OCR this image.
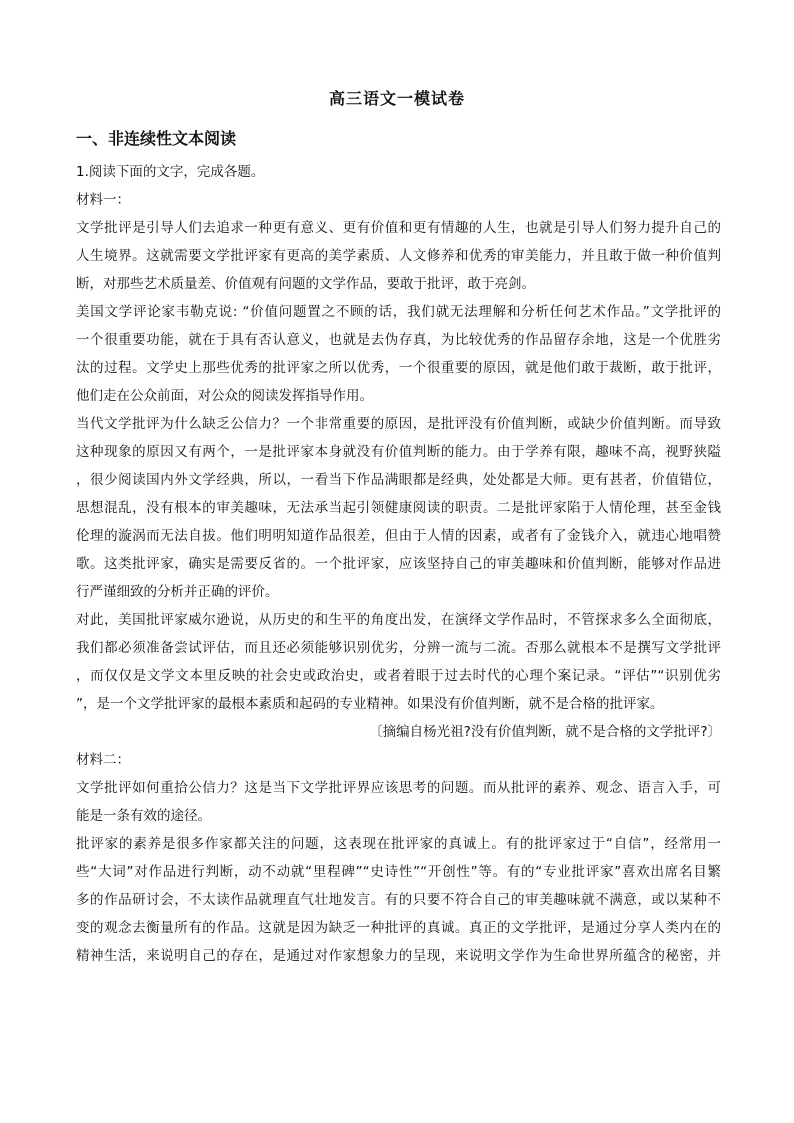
高三语文一模试卷
一、非连续性文本阅读
1.阅读下面的文字，完成各题。
材料一：
文学批评是引导人们去追求一种更有意义、更有价值和更有情趣的人生，也就是引导人们努力提升自己的
人生境界。这就需要文学批评家有更高的美学素质、人文修养和优秀的审美能力，并且敢于做一种价值判
断，对那些艺术质量差、价值观有问题的文学作品，要敢于批评，敢于亮剑。
美国文学评论家韦勒克说: “价值问题置之不顾的话，我们就无法理解和分析任何艺术作品。”文学批评的
一个很重要功能，就在于具有否认意义，也就是去伪存真，为比较优秀的作品留存余地，这是一个优胜劣
汰的过程。文学史上那些优秀的批评家之所以优秀，一个很重要的原因，就是他们敢于裁断，敢于批评，
他们走在公众前面，对公众的阅读发挥指导作用。
当代文学批评为什么缺乏公信力？一个非常重要的原因，是批评没有价值判断，或缺少价值判断。而导致
这种现象的原因又有两个，一是批评家本身就没有价值判断的能力。由于学养有限，趣味不高，视野狭隘
，很少阅读国内外文学经典，所以，一看当下作品满眼都是经典，处处都是大师。更有甚者，价值错位，
思想混乱，没有根本的审美趣味，无法承当起引领健康阅读的职责。二是批评家陷于人情伦理，甚至金钱
伦理的漩涡而无法自拔。他们明明知道作品很差，但由于人情的因素，或者有了金钱介入，就违心地唱赞
歌。这类批评家，确实是需要反省的。一个批评家，应该坚持自己的审美趣味和价值判断，能够对作品进
行严谨细致的分析并正确的评价。
对此，美国批评家威尔逊说，从历史的和生平的角度出发，在演绎文学作品时，不管探求多么全面彻底，
我们都必须准备尝试评估，而且还必须能够识别优劣，分辨一流与二流。否那么就根本不是撰写文学批评
，而仅仅是文学文本里反映的社会史或政治史，或者着眼于过去时代的心理个案记录。“评估”“识别优劣
”，是一个文学批评家的最根本素质和起码的专业精神。如果没有价值判断，就不是合格的批评家。
〔摘编自杨光祖?没有价值判断，就不是合格的文学批评?〕
材料二：
文学批评如何重拾公信力？这是当下文学批评界应该思考的问题。而从批评的素养、观念、语言入手，可
能是一条有效的途径。
批评家的素养是很多作家都关注的问题，这表现在批评家的真诚上。有的批评家过于“自信”，经常用一
些“大词”对作品进行判断，动不动就“里程碑”“史诗性”“开创性”等。有的“专业批评家”喜欢出席名目繁
多的作品研讨会，不太读作品就理直气壮地发言。有的只要不符合自己的审美趣味就不满意，或以某种不
变的观念去衡量所有的作品。这就是因为缺乏一种批评的真诚。真正的文学批评，是通过分享人类内在的
精神生活，来说明自己的存在，是通过对作家想象力的呈现，来说明文学作为生命世界所蕴含的秘密，并
